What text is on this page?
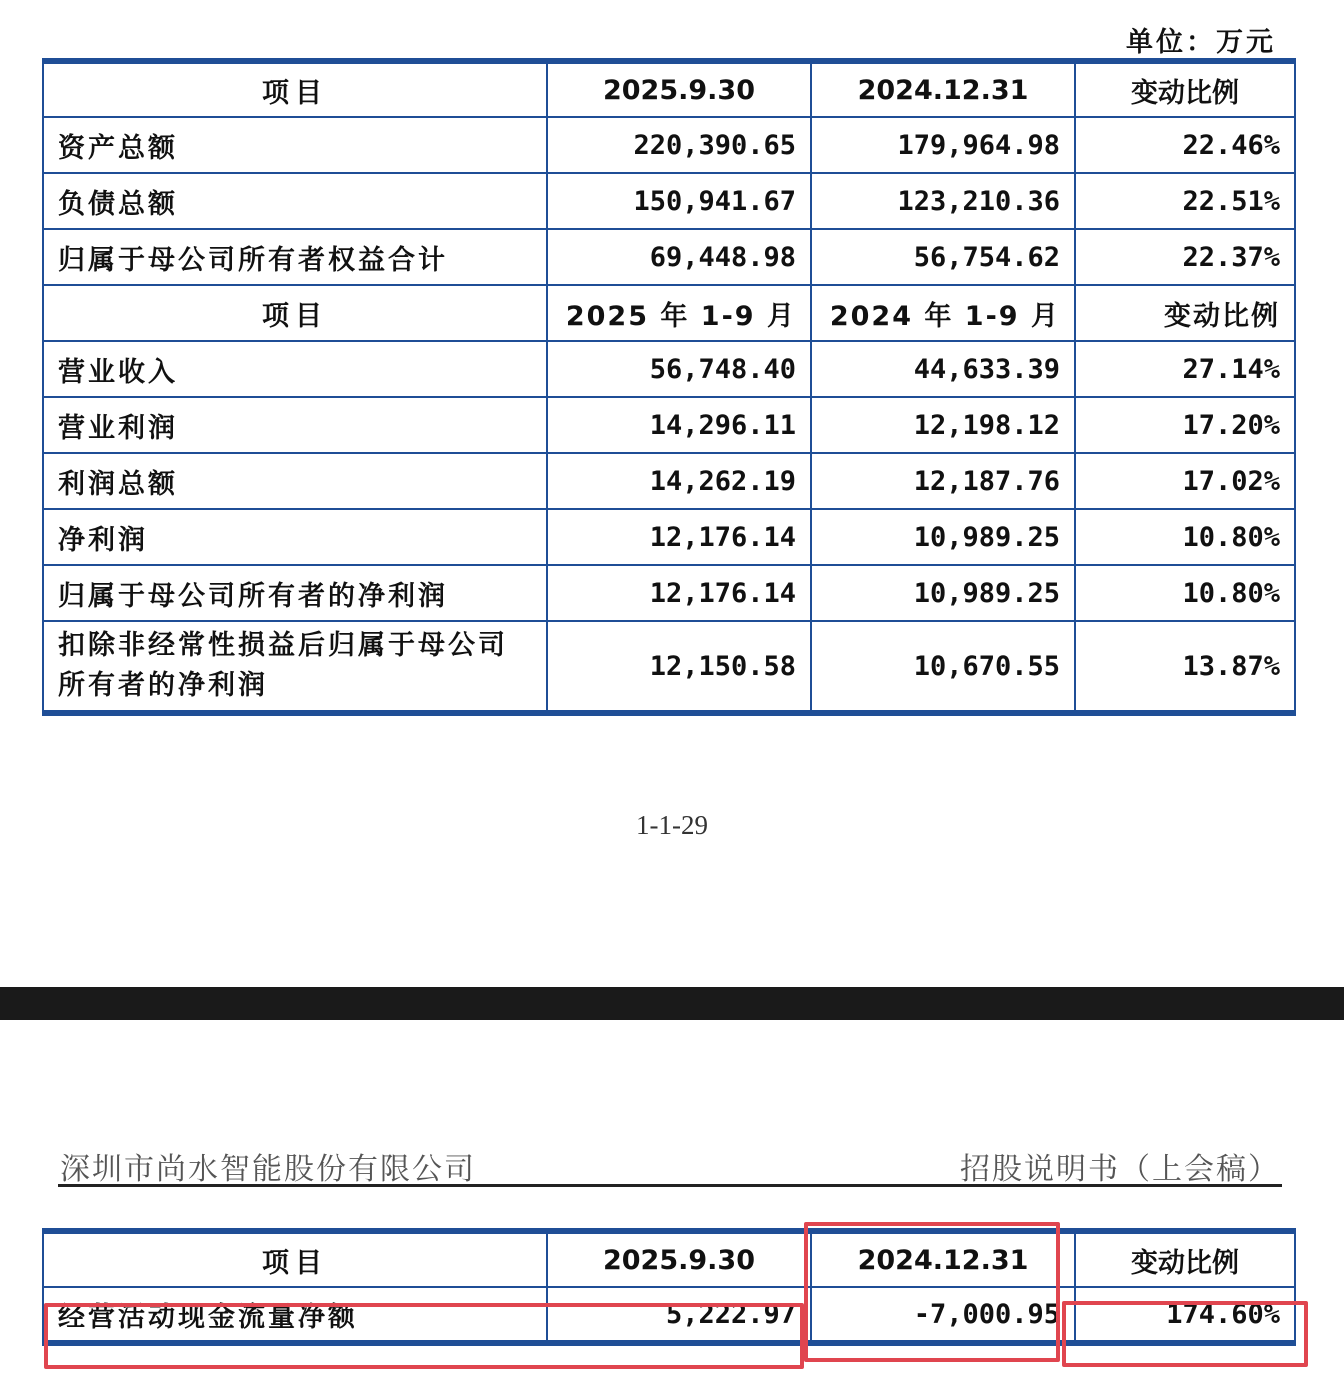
单位：万元
项目	2025.9.30	2024.12.31	变动比例
资产总额	220,390.65	179,964.98	22.46%
负债总额	150,941.67	123,210.36	22.51%
归属于母公司所有者权益合计	69,448.98	56,754.62	22.37%
项目	2025 年 1-9 月	2024 年 1-9 月	变动比例
营业收入	56,748.40	44,633.39	27.14%
营业利润	14,296.11	12,198.12	17.20%
利润总额	14,262.19	12,187.76	17.02%
净利润	12,176.14	10,989.25	10.80%
归属于母公司所有者的净利润	12,176.14	10,989.25	10.80%
扣除非经常性损益后归属于母公司所有者的净利润	12,150.58	10,670.55	13.87%
1-1-29
深圳市尚水智能股份有限公司	招股说明书（上会稿）
项目	2025.9.30	2024.12.31	变动比例
经营活动现金流量净额	5,222.97	-7,000.95	174.60%
